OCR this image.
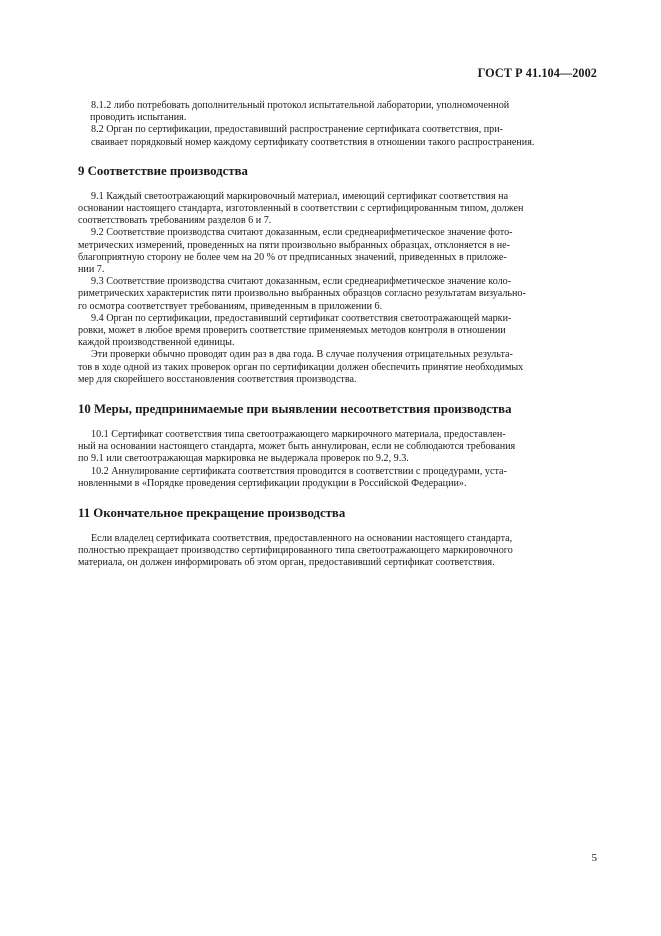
ГОСТ Р 41.104—2002
8.1.2 либо потребовать дополнительный протокол испытательной лаборатории, уполномоченной
проводить испытания.
8.2 Орган по сертификации, предоставивший распространение сертификата соответствия, при-
сваивает порядковый номер каждому сертификату соответствия в отношении такого распространения.
9 Соответствие производства
9.1 Каждый светоотражающий маркировочный материал, имеющий сертификат соответствия на
основании настоящего стандарта, изготовленный в соответствии с сертифицированным типом, должен
соответствовать требованиям разделов 6 и 7.
9.2 Соответствие производства считают доказанным, если среднеарифметическое значение фото-
метрических измерений, проведенных на пяти произвольно выбранных образцах, отклоняется в не-
благоприятную сторону не более чем на 20 % от предписанных значений, приведенных в приложе-
нии 7.
9.3 Соответствие производства считают доказанным, если среднеарифметическое значение коло-
риметрических характеристик пяти произвольно выбранных образцов согласно результатам визуально-
го осмотра соответствует требованиям, приведенным в приложении 6.
9.4 Орган по сертификации, предоставивший сертификат соответствия светоотражающей марки-
ровки, может в любое время проверить соответствие применяемых методов контроля в отношении
каждой производственной единицы.
Эти проверки обычно проводят один раз в два года. В случае получения отрицательных результа-
тов в ходе одной из таких проверок орган по сертификации должен обеспечить принятие необходимых
мер для скорейшего восстановления соответствия производства.
10 Меры, предпринимаемые при выявлении несоответствия производства
10.1 Сертификат соответствия типа светоотражающего маркирочного материала, предоставлен-
ный на основании настоящего стандарта, может быть аннулирован, если не соблюдаются требования
по 9.1 или светоотражающая маркировка не выдержала проверок по 9.2, 9.3.
10.2 Аннулирование сертификата соответствия проводится в соответствии с процедурами, уста-
новленными в «Порядке проведения сертификации продукции в Российской Федерации».
11 Окончательное прекращение производства
Если владелец сертификата соответствия, предоставленного на основании настоящего стандарта,
полностью прекращает производство сертифицированного типа светоотражающего маркировочного
материала, он должен информировать об этом орган, предоставивший сертификат соответствия.
5
